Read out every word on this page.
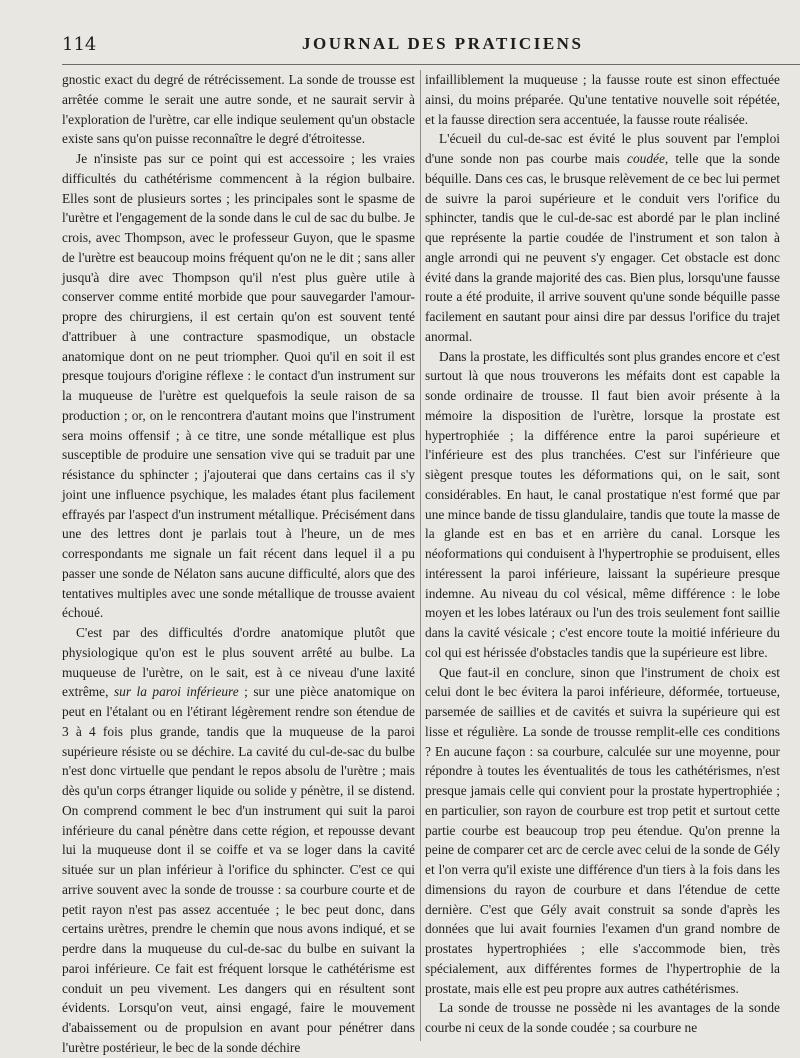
114	JOURNAL DES PRATICIENS

gnostic exact du degré de rétrécissement. La sonde de trousse est arrêtée comme le serait une autre sonde, et ne saurait servir à l'exploration de l'urètre, car elle indique seulement qu'un obstacle existe sans qu'on puisse reconnaître le degré d'étroitesse.

Je n'insiste pas sur ce point qui est accessoire ; les vraies difficultés du cathétérisme commencent à la région bulbaire. Elles sont de plusieurs sortes ; les principales sont le spasme de l'urètre et l'engagement de la sonde dans le cul de sac du bulbe. Je crois, avec Thompson, avec le professeur Guyon, que le spasme de l'urètre est beaucoup moins fréquent qu'on ne le dit ; sans aller jusqu'à dire avec Thompson qu'il n'est plus guère utile à conserver comme entité morbide que pour sauvegarder l'amour-propre des chirurgiens, il est certain qu'on est souvent tenté d'attribuer à une contracture spasmodique, un obstacle anatomique dont on ne peut triompher. Quoi qu'il en soit il est presque toujours d'origine réflexe : le contact d'un instrument sur la muqueuse de l'urètre est quelquefois la seule raison de sa production ; or, on le rencontrera d'autant moins que l'instrument sera moins offensif ; à ce titre, une sonde métallique est plus susceptible de produire une sensation vive qui se traduit par une résistance du sphincter ; j'ajouterai que dans certains cas il s'y joint une influence psychique, les malades étant plus facilement effrayés par l'aspect d'un instrument métallique. Précisément dans une des lettres dont je parlais tout à l'heure, un de mes correspondants me signale un fait récent dans lequel il a pu passer une sonde de Nélaton sans aucune difficulté, alors que des tentatives multiples avec une sonde métallique de trousse avaient échoué.

C'est par des difficultés d'ordre anatomique plutôt que physiologique qu'on est le plus souvent arrêté au bulbe. La muqueuse de l'urètre, on le sait, est à ce niveau d'une laxité extrême, sur la paroi inférieure ; sur une pièce anatomique on peut en l'étalant ou en l'étirant légèrement rendre son étendue de 3 à 4 fois plus grande, tandis que la muqueuse de la paroi supérieure résiste ou se déchire. La cavité du cul-de-sac du bulbe n'est donc virtuelle que pendant le repos absolu de l'urètre ; mais dès qu'un corps étranger liquide ou solide y pénètre, il se distend. On comprend comment le bec d'un instrument qui suit la paroi inférieure du canal pénètre dans cette région, et repousse devant lui la muqueuse dont il se coiffe et va se loger dans la cavité située sur un plan inférieur à l'orifice du sphincter. C'est ce qui arrive souvent avec la sonde de trousse : sa courbure courte et de petit rayon n'est pas assez accentuée ; le bec peut donc, dans certains urètres, prendre le chemin que nous avons indiqué, et se perdre dans la muqueuse du cul-de-sac du bulbe en suivant la paroi inférieure. Ce fait est fréquent lorsque le cathétérisme est conduit un peu vivement. Les dangers qui en résultent sont évidents. Lorsqu'on veut, ainsi engagé, faire le mouvement d'abaissement ou de propulsion en avant pour pénétrer dans l'urètre postérieur, le bec de la sonde déchire

infailliblement la muqueuse ; la fausse route est sinon effectuée ainsi, du moins préparée. Qu'une tentative nouvelle soit répétée, et la fausse direction sera accentuée, la fausse route réalisée.

L'écueil du cul-de-sac est évité le plus souvent par l'emploi d'une sonde non pas courbe mais coudée, telle que la sonde béquille. Dans ces cas, le brusque relèvement de ce bec lui permet de suivre la paroi supérieure et le conduit vers l'orifice du sphincter, tandis que le cul-de-sac est abordé par le plan incliné que représente la partie coudée de l'instrument et son talon à angle arrondi qui ne peuvent s'y engager. Cet obstacle est donc évité dans la grande majorité des cas. Bien plus, lorsqu'une fausse route a été produite, il arrive souvent qu'une sonde béquille passe facilement en sautant pour ainsi dire par dessus l'orifice du trajet anormal.

Dans la prostate, les difficultés sont plus grandes encore et c'est surtout là que nous trouverons les méfaits dont est capable la sonde ordinaire de trousse. Il faut bien avoir présente à la mémoire la disposition de l'urètre, lorsque la prostate est hypertrophiée ; la différence entre la paroi supérieure et l'inférieure est des plus tranchées. C'est sur l'inférieure que siègent presque toutes les déformations qui, on le sait, sont considérables. En haut, le canal prostatique n'est formé que par une mince bande de tissu glandulaire, tandis que toute la masse de la glande est en bas et en arrière du canal. Lorsque les néoformations qui conduisent à l'hypertrophie se produisent, elles intéressent la paroi inférieure, laissant la supérieure presque indemne. Au niveau du col vésical, même différence : le lobe moyen et les lobes latéraux ou l'un des trois seulement font saillie dans la cavité vésicale ; c'est encore toute la moitié inférieure du col qui est hérissée d'obstacles tandis que la supérieure est libre.

Que faut-il en conclure, sinon que l'instrument de choix est celui dont le bec évitera la paroi inférieure, déformée, tortueuse, parsemée de saillies et de cavités et suivra la supérieure qui est lisse et régulière. La sonde de trousse remplit-elle ces conditions ? En aucune façon : sa courbure, calculée sur une moyenne, pour répondre à toutes les éventualités de tous les cathétérismes, n'est presque jamais celle qui convient pour la prostate hypertrophiée ; en particulier, son rayon de courbure est trop petit et surtout cette partie courbe est beaucoup trop peu étendue. Qu'on prenne la peine de comparer cet arc de cercle avec celui de la sonde de Gély et l'on verra qu'il existe une différence d'un tiers à la fois dans les dimensions du rayon de courbure et dans l'étendue de cette dernière. C'est que Gély avait construit sa sonde d'après les données que lui avait fournies l'examen d'un grand nombre de prostates hypertrophiées ; elle s'accommode bien, très spécialement, aux différentes formes de l'hypertrophie de la prostate, mais elle est peu propre aux autres cathétérismes.

La sonde de trousse ne possède ni les avantages de la sonde courbe ni ceux de la sonde coudée ; sa courbure ne
